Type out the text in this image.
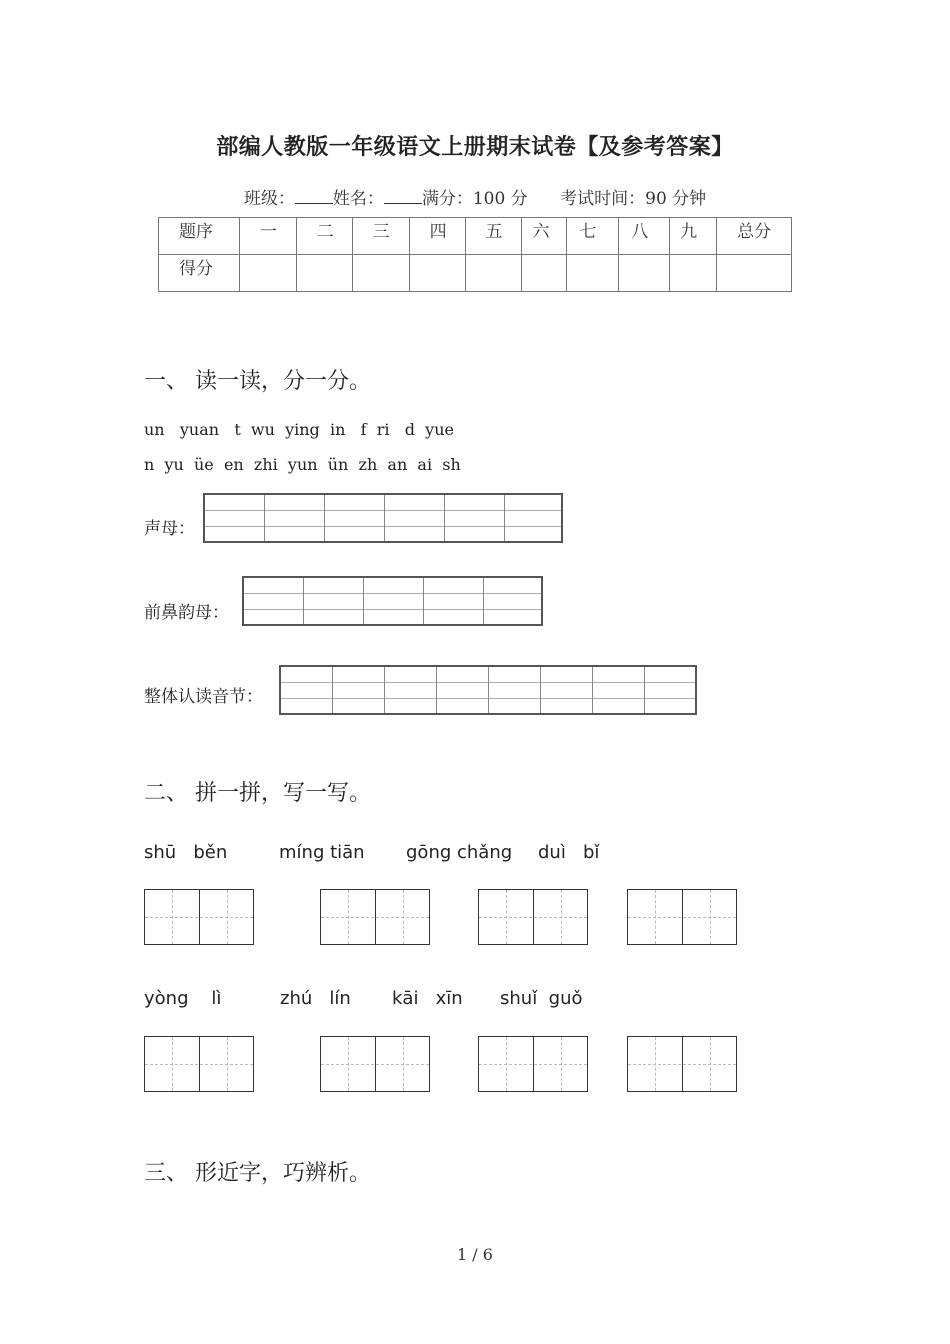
部编人教版一年级语文上册期末试卷【及参考答案】
班级： 姓名： 满分：100 分 考试时间：90 分钟
题序	一	二	三	四	五	六	七	八	九	总分
得分										
一、 读一读，分一分。
un   yuan   t  wu  ying  in   f  ri   d  yue
n  yu  üe  en  zhi  yun  ün  zh  an  ai  sh
声母：
前鼻韵母：
整体认读音节：
二、 拼一拼，写一写。
shū   běn	míng tiān gōng chǎng duì   bǐ
yòng    lì	zhú   lín kāi   xīn shuǐ  guǒ
三、 形近字，巧辨析。
1 / 6
